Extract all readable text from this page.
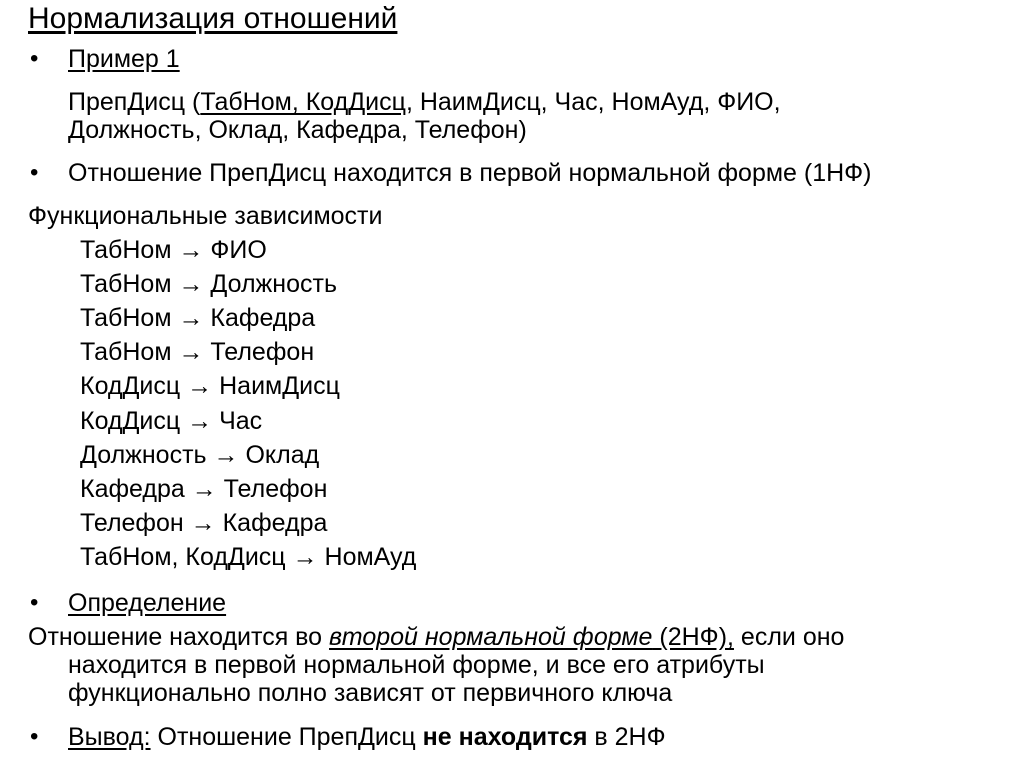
Нормализация отношений
• Пример 1
ПрепДисц (ТабНом, КодДисц, НаимДисц, Час, НомАуд, ФИО,
Должность, Оклад, Кафедра, Телефон)
• Отношение ПрепДисц находится в первой нормальной форме (1НФ)
Функциональные зависимости
ТабНом → ФИО
ТабНом → Должность
ТабНом → Кафедра
ТабНом → Телефон
КодДисц → НаимДисц
КодДисц → Час
Должность → Оклад
Кафедра → Телефон
Телефон → Кафедра
ТабНом, КодДисц → НомАуд
• Определение
Отношение находится во второй нормальной форме (2НФ), если оно
находится в первой нормальной форме, и все его атрибуты
функционально полно зависят от первичного ключа
• Вывод: Отношение ПрепДисц не находится в 2НФ
